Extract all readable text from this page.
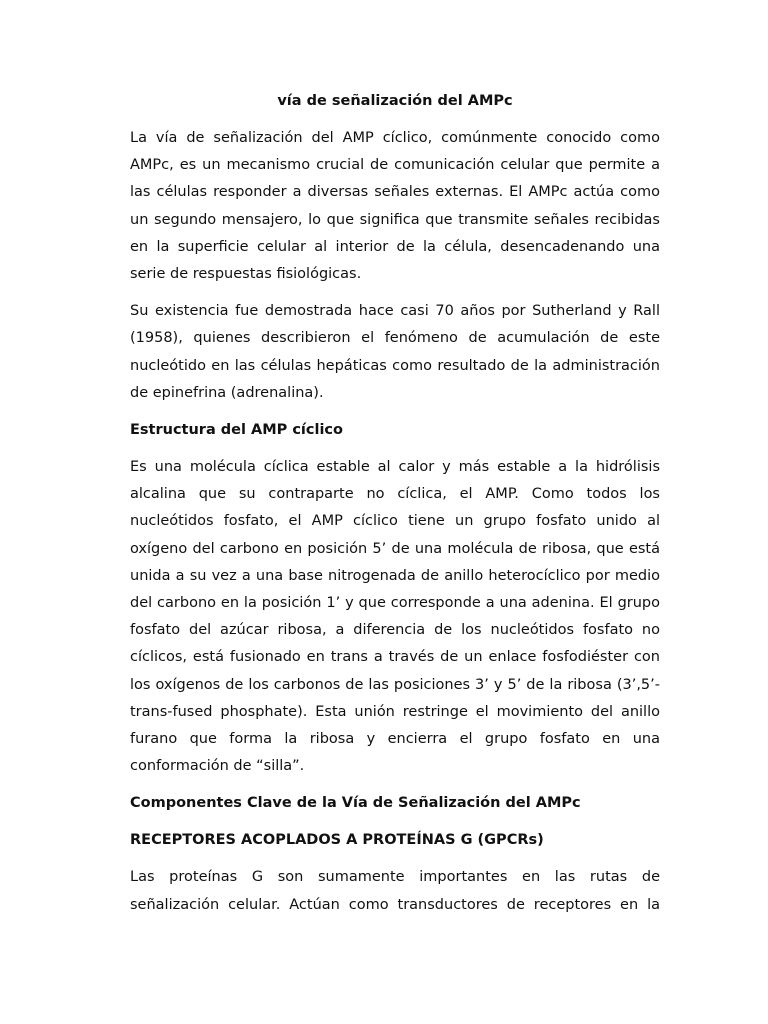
vía de señalización del AMPc

La vía de señalización del AMP cíclico, comúnmente conocido como AMPc, es un mecanismo crucial de comunicación celular que permite a las células responder a diversas señales externas. El AMPc actúa como un segundo mensajero, lo que significa que transmite señales recibidas en la superficie celular al interior de la célula, desencadenando una serie de respuestas fisiológicas.

Su existencia fue demostrada hace casi 70 años por Sutherland y Rall (1958), quienes describieron el fenómeno de acumulación de este nucleótido en las células hepáticas como resultado de la administración de epinefrina (adrenalina).

Estructura del AMP cíclico

Es una molécula cíclica estable al calor y más estable a la hidrólisis alcalina que su contraparte no cíclica, el AMP. Como todos los nucleótidos fosfato, el AMP cíclico tiene un grupo fosfato unido al oxígeno del carbono en posición 5’ de una molécula de ribosa, que está unida a su vez a una base nitrogenada de anillo heterocíclico por medio del carbono en la posición 1’ y que corresponde a una adenina. El grupo fosfato del azúcar ribosa, a diferencia de los nucleótidos fosfato no cíclicos, está fusionado en trans a través de un enlace fosfodiéster con los oxígenos de los carbonos de las posiciones 3’ y 5’ de la ribosa (3’,5’-trans-fused phosphate). Esta unión restringe el movimiento del anillo furano que forma la ribosa y encierra el grupo fosfato en una conformación de “silla”.

Componentes Clave de la Vía de Señalización del AMPc
RECEPTORES ACOPLADOS A PROTEÍNAS G (GPCRs)

Las proteínas G son sumamente importantes en las rutas de señalización celular. Actúan como transductores de receptores en la
